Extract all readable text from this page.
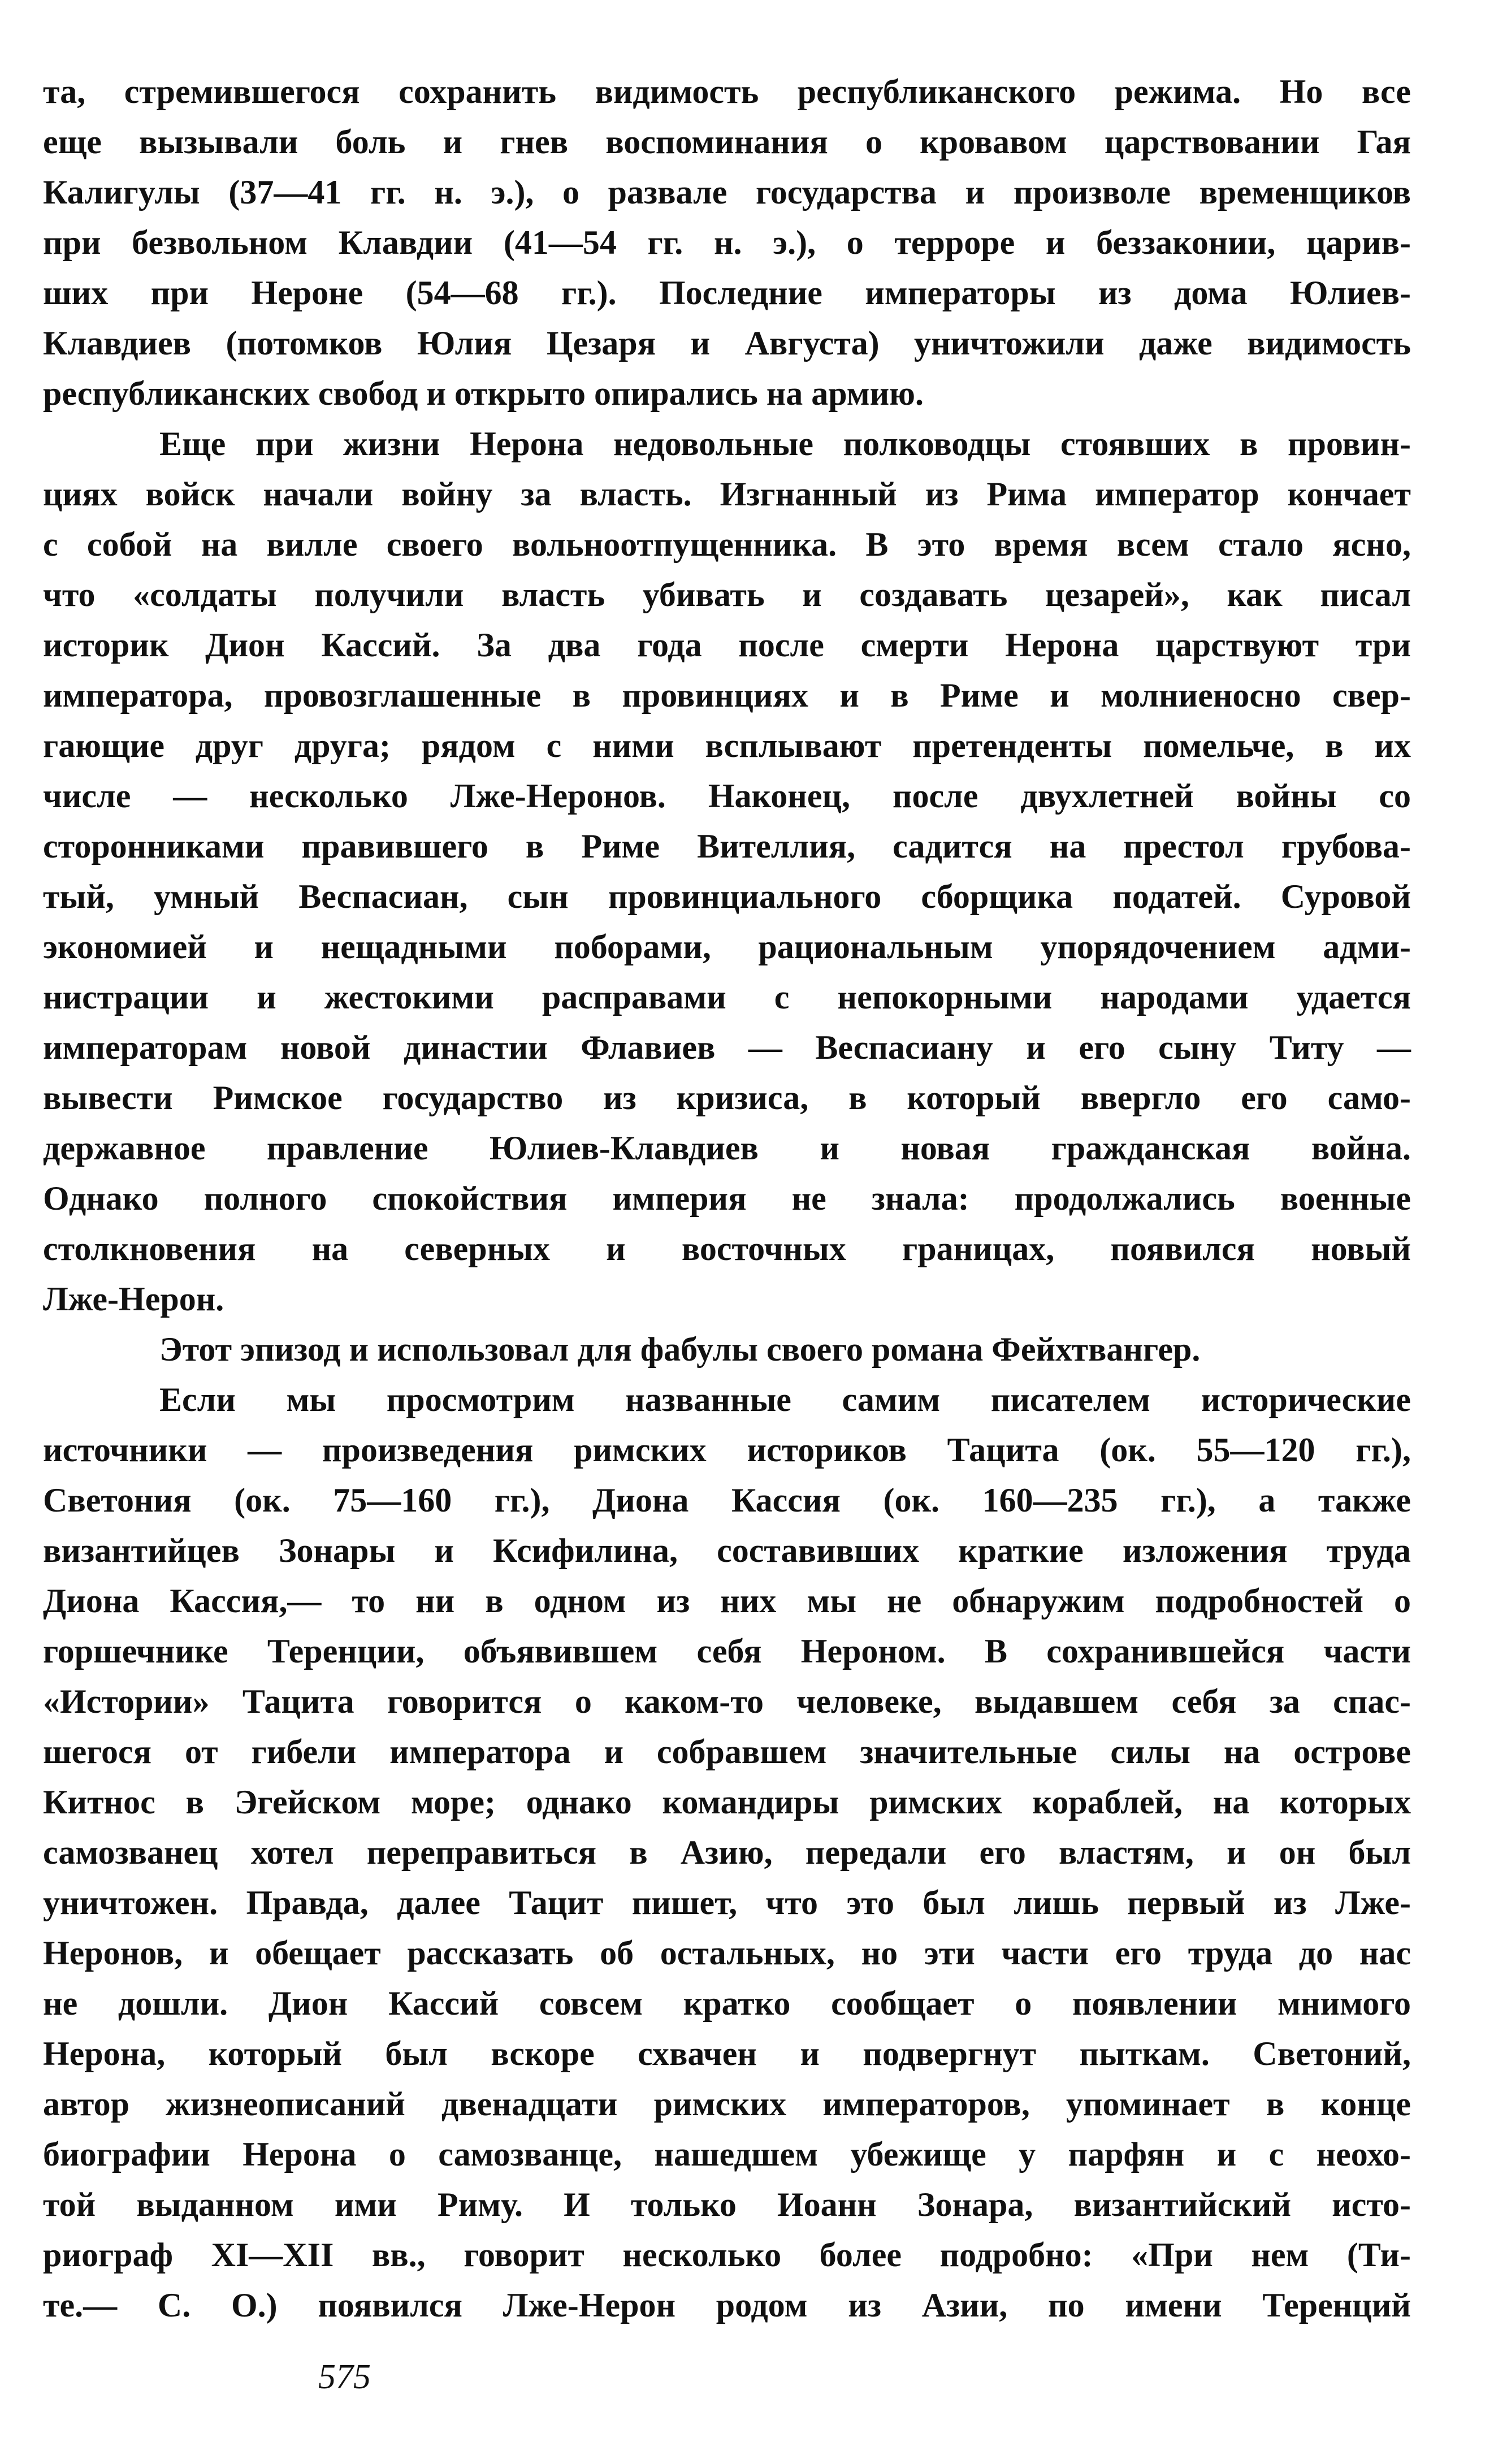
та, стремившегося сохранить видимость республиканского режима. Но все
еще вызывали боль и гнев воспоминания о кровавом царствовании Гая
Калигулы (37—41 гг. н. э.), о развале государства и произволе временщиков
при безвольном Клавдии (41—54 гг. н. э.), о терроре и беззаконии, царив-
ших при Нероне (54—68 гг.). Последние императоры из дома Юлиев-
Клавдиев (потомков Юлия Цезаря и Августа) уничтожили даже видимость
республиканских свобод и открыто опирались на армию.
Еще при жизни Нерона недовольные полководцы стоявших в провин-
циях войск начали войну за власть. Изгнанный из Рима император кончает
с собой на вилле своего вольноотпущенника. В это время всем стало ясно,
что «солдаты получили власть убивать и создавать цезарей», как писал
историк Дион Кассий. За два года после смерти Нерона царствуют три
императора, провозглашенные в провинциях и в Риме и молниеносно свер-
гающие друг друга; рядом с ними всплывают претенденты помельче, в их
числе — несколько Лже-Неронов. Наконец, после двухлетней войны со
сторонниками правившего в Риме Вителлия, садится на престол грубова-
тый, умный Веспасиан, сын провинциального сборщика податей. Суровой
экономией и нещадными поборами, рациональным упорядочением адми-
нистрации и жестокими расправами с непокорными народами удается
императорам новой династии Флавиев — Веспасиану и его сыну Титу —
вывести Римское государство из кризиса, в который ввергло его само-
державное правление Юлиев-Клавдиев и новая гражданская война.
Однако полного спокойствия империя не знала: продолжались военные
столкновения на северных и восточных границах, появился новый
Лже-Нерон.
Этот эпизод и использовал для фабулы своего романа Фейхтвангер.
Если мы просмотрим названные самим писателем исторические
источники — произведения римских историков Тацита (ок. 55—120 гг.),
Светония (ок. 75—160 гг.), Диона Кассия (ок. 160—235 гг.), а также
византийцев Зонары и Ксифилина, составивших краткие изложения труда
Диона Кассия,— то ни в одном из них мы не обнаружим подробностей о
горшечнике Теренции, объявившем себя Нероном. В сохранившейся части
«Истории» Тацита говорится о каком-то человеке, выдавшем себя за спас-
шегося от гибели императора и собравшем значительные силы на острове
Китнос в Эгейском море; однако командиры римских кораблей, на которых
самозванец хотел переправиться в Азию, передали его властям, и он был
уничтожен. Правда, далее Тацит пишет, что это был лишь первый из Лже-
Неронов, и обещает рассказать об остальных, но эти части его труда до нас
не дошли. Дион Кассий совсем кратко сообщает о появлении мнимого
Нерона, который был вскоре схвачен и подвергнут пыткам. Светоний,
автор жизнеописаний двенадцати римских императоров, упоминает в конце
биографии Нерона о самозванце, нашедшем убежище у парфян и с неохо-
той выданном ими Риму. И только Иоанн Зонара, византийский исто-
риограф XI—XII вв., говорит несколько более подробно: «При нем (Ти-
те.— С. О.) появился Лже-Нерон родом из Азии, по имени Теренций
575
